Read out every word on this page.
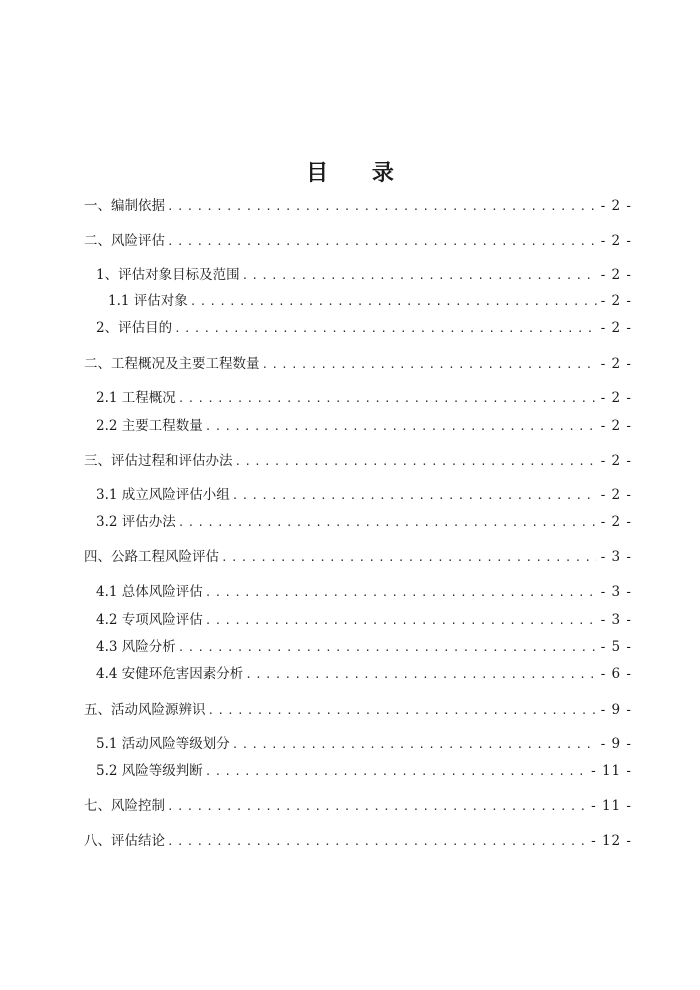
目 录
一、编制依据 .....	- 2 -
二、风险评估 .....	- 2 -
1、评估对象目标及范围 .....	- 2 -
1.1 评估对象 .....	- 2 -
2、评估目的 .....	- 2 -
二、工程概况及主要工程数量 .....	- 2 -
2.1 工程概况 .....	- 2 -
2.2 主要工程数量 .....	- 2 -
三、评估过程和评估办法 .....	- 2 -
3.1 成立风险评估小组 .....	- 2 -
3.2 评估办法 .....	- 2 -
四、公路工程风险评估 .....	- 3 -
4.1 总体风险评估 .....	- 3 -
4.2 专项风险评估 .....	- 3 -
4.3 风险分析 .....	- 5 -
4.4 安健环危害因素分析 .....	- 6 -
五、活动风险源辨识 .....	- 9 -
5.1 活动风险等级划分 .....	- 9 -
5.2 风险等级判断 .....	- 11 -
七、风险控制 .....	- 11 -
八、评估结论 .....	- 12 -
